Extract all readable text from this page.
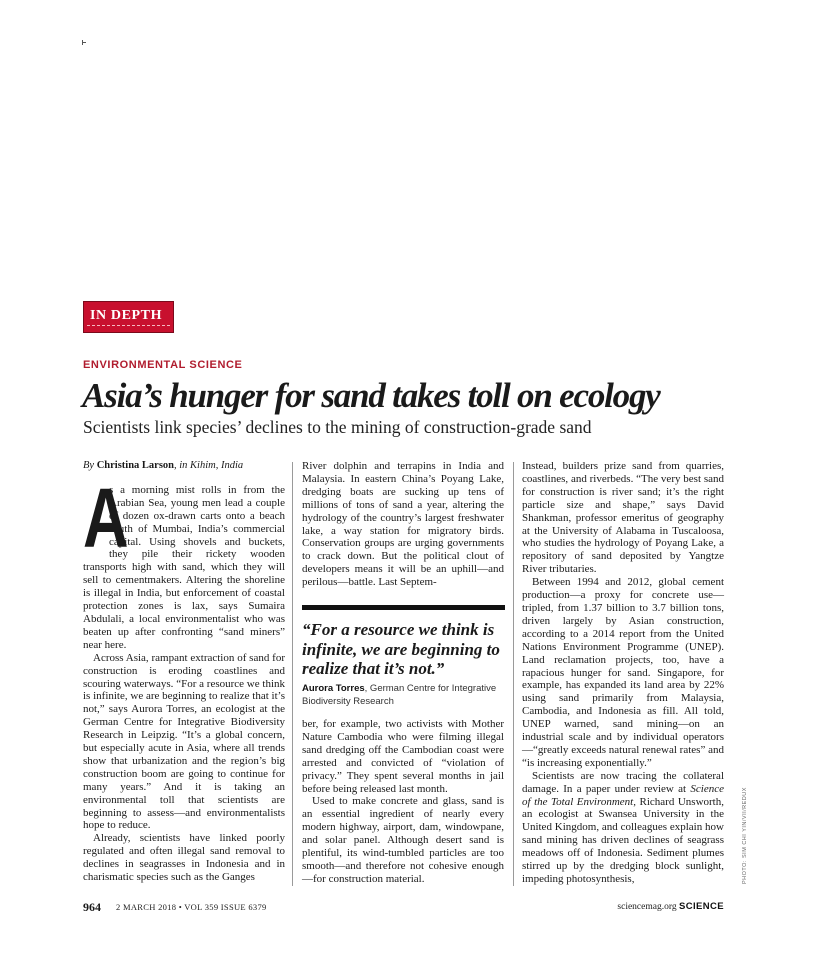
IN DEPTH
ENVIRONMENTAL SCIENCE
Asia’s hunger for sand takes toll on ecology
Scientists link species’ declines to the mining of construction-grade sand
By Christina Larson, in Kihim, India

A
s a morning mist rolls in from the Arabian Sea, young men lead a couple of dozen ox-drawn carts onto a beach south of Mumbai, India’s commercial capital. Using shovels and buckets, they pile their rickety wooden transports high with sand, which they will sell to cementmakers. Altering the shoreline is illegal in India, but enforcement of coastal protection zones is lax, says Sumaira Abdulali, a local environmentalist who was beaten up after confronting “sand miners” near here.

Across Asia, rampant extraction of sand for construction is eroding coastlines and scouring waterways. “For a resource we think is infinite, we are beginning to realize that it’s not,” says Aurora Torres, an ecologist at the German Centre for Integrative Biodiversity Research in Leipzig. “It’s a global concern, but especially acute in Asia, where all trends show that urbanization and the region’s big construction boom are going to continue for many years.” And it is taking an environmental toll that scientists are beginning to assess—and environmentalists hope to reduce.

Already, scientists have linked poorly regulated and often illegal sand removal to declines in seagrasses in Indonesia and in charismatic species such as the Ganges

River dolphin and terrapins in India and Malaysia. In eastern China’s Poyang Lake, dredging boats are sucking up tens of millions of tons of sand a year, altering the hydrology of the country’s largest freshwater lake, a way station for migratory birds. Conservation groups are urging governments to crack down. But the political clout of developers means it will be an uphill—and perilous—battle. Last Septem-

“For a resource we think is infinite, we are beginning to realize that it’s not.”
Aurora Torres, German Centre for Integrative Biodiversity Research

ber, for example, two activists with Mother Nature Cambodia who were filming illegal sand dredging off the Cambodian coast were arrested and convicted of “violation of privacy.” They spent several months in jail before being released last month.

Used to make concrete and glass, sand is an essential ingredient of nearly every modern highway, airport, dam, windowpane, and solar panel. Although desert sand is plentiful, its wind-tumbled particles are too smooth—and therefore not cohesive enough—for construction material.

Instead, builders prize sand from quarries, coastlines, and riverbeds. “The very best sand for construction is river sand; it’s the right particle size and shape,” says David Shankman, professor emeritus of geography at the University of Alabama in Tuscaloosa, who studies the hydrology of Poyang Lake, a repository of sand deposited by Yangtze River tributaries.

Between 1994 and 2012, global cement production—a proxy for concrete use—tripled, from 1.37 billion to 3.7 billion tons, driven largely by Asian construction, according to a 2014 report from the United Nations Environment Programme (UNEP). Land reclamation projects, too, have a rapacious hunger for sand. Singapore, for example, has expanded its land area by 22% using sand primarily from Malaysia, Cambodia, and Indonesia as fill. All told, UNEP warned, sand mining—on an industrial scale and by individual operators—“greatly exceeds natural renewal rates” and “is increasing exponentially.”

Scientists are now tracing the collateral damage. In a paper under review at Science of the Total Environment, Richard Unsworth, an ecologist at Swansea University in the United Kingdom, and colleagues explain how sand mining has driven declines of seagrass meadows off of Indonesia. Sediment plumes stirred up by the dredging block sunlight, impeding photosynthesis,	PHOTO: SIM CHI YIN/VII/REDUX
964 2 MARCH 2018 • VOL 359 ISSUE 6379	sciencemag.org SCIENCE
